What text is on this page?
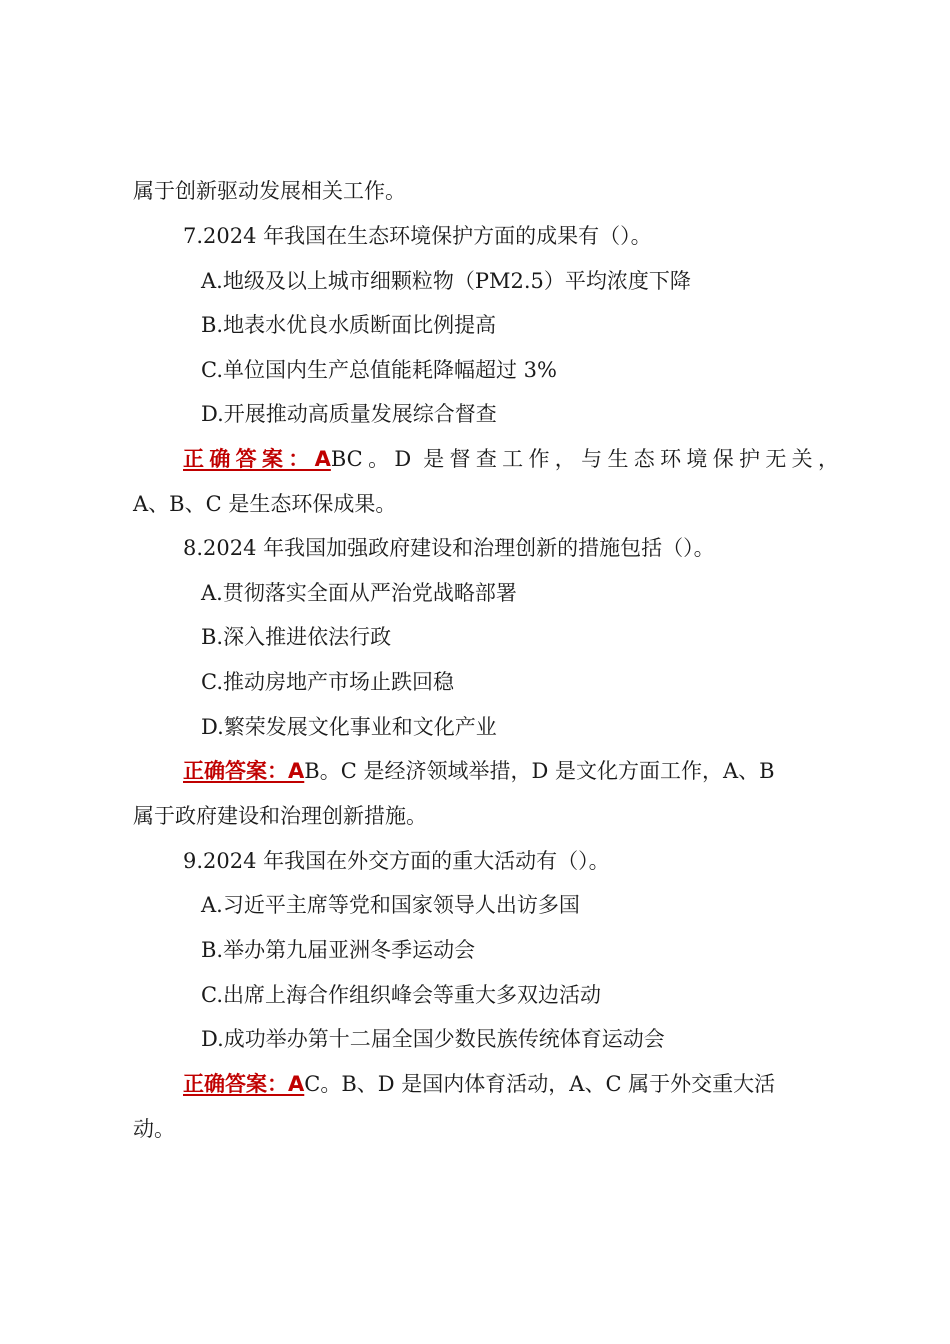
属于创新驱动发展相关工作。
7.2024 年我国在生态环境保护方面的成果有（）。
A.地级及以上城市细颗粒物（PM2.5）平均浓度下降
B.地表水优良水质断面比例提高
C.单位国内生产总值能耗降幅超过 3%
D.开展推动高质量发展综合督查
正确答案：ABC。D 是督查工作，与生态环境保护无关，
A、B、C 是生态环保成果。
8.2024 年我国加强政府建设和治理创新的措施包括（）。
A.贯彻落实全面从严治党战略部署
B.深入推进依法行政
C.推动房地产市场止跌回稳
D.繁荣发展文化事业和文化产业
正确答案：AB。C 是经济领域举措，D 是文化方面工作，A、B
属于政府建设和治理创新措施。
9.2024 年我国在外交方面的重大活动有（）。
A.习近平主席等党和国家领导人出访多国
B.举办第九届亚洲冬季运动会
C.出席上海合作组织峰会等重大多双边活动
D.成功举办第十二届全国少数民族传统体育运动会
正确答案：AC。B、D 是国内体育活动，A、C 属于外交重大活
动。
